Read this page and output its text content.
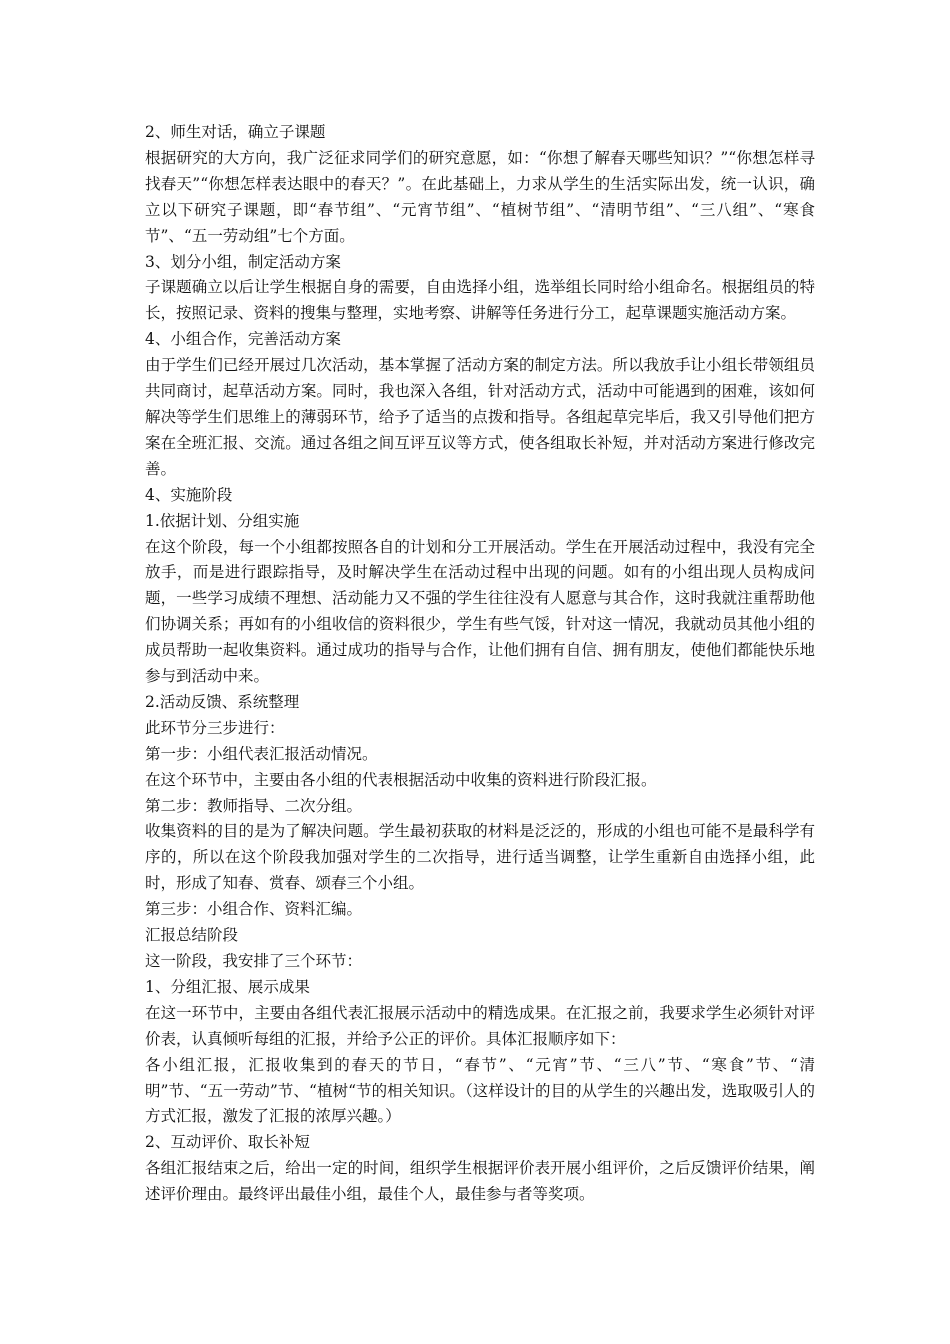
2、师生对话，确立子课题

根据研究的大方向，我广泛征求同学们的研究意愿，如：“你想了解春天哪些知识？”“你想怎样寻找春天”“你想怎样表达眼中的春天？”。在此基础上，力求从学生的生活实际出发，统一认识，确立以下研究子课题，即“春节组”、“元宵节组”、“植树节组”、“清明节组”、“三八组”、“寒食节”、“五一劳动组”七个方面。

3、划分小组，制定活动方案

子课题确立以后让学生根据自身的需要，自由选择小组，选举组长同时给小组命名。根据组员的特长，按照记录、资料的搜集与整理，实地考察、讲解等任务进行分工，起草课题实施活动方案。

4、小组合作，完善活动方案

由于学生们已经开展过几次活动，基本掌握了活动方案的制定方法。所以我放手让小组长带领组员共同商讨，起草活动方案。同时，我也深入各组，针对活动方式，活动中可能遇到的困难，该如何解决等学生们思维上的薄弱环节，给予了适当的点拨和指导。各组起草完毕后，我又引导他们把方案在全班汇报、交流。通过各组之间互评互议等方式，使各组取长补短，并对活动方案进行修改完善。

4、实施阶段

1.依据计划、分组实施

在这个阶段，每一个小组都按照各自的计划和分工开展活动。学生在开展活动过程中，我没有完全放手，而是进行跟踪指导，及时解决学生在活动过程中出现的问题。如有的小组出现人员构成问题，一些学习成绩不理想、活动能力又不强的学生往往没有人愿意与其合作，这时我就注重帮助他们协调关系；再如有的小组收信的资料很少，学生有些气馁，针对这一情况，我就动员其他小组的成员帮助一起收集资料。通过成功的指导与合作，让他们拥有自信、拥有朋友，使他们都能快乐地参与到活动中来。

2.活动反馈、系统整理

此环节分三步进行：

第一步：小组代表汇报活动情况。

在这个环节中，主要由各小组的代表根据活动中收集的资料进行阶段汇报。

第二步：教师指导、二次分组。

收集资料的目的是为了解决问题。学生最初获取的材料是泛泛的，形成的小组也可能不是最科学有序的，所以在这个阶段我加强对学生的二次指导，进行适当调整，让学生重新自由选择小组，此时，形成了知春、赏春、颂春三个小组。

第三步：小组合作、资料汇编。

汇报总结阶段

这一阶段，我安排了三个环节：

1、分组汇报、展示成果

在这一环节中，主要由各组代表汇报展示活动中的精选成果。在汇报之前，我要求学生必须针对评价表，认真倾听每组的汇报，并给予公正的评价。具体汇报顺序如下：

各小组汇报，汇报收集到的春天的节日，“春节”、“元宵”节、“三八”节、“寒食”节、“清明”节、“五一劳动”节、“植树“节的相关知识。（这样设计的目的从学生的兴趣出发，选取吸引人的方式汇报，激发了汇报的浓厚兴趣。）

2、互动评价、取长补短

各组汇报结束之后，给出一定的时间，组织学生根据评价表开展小组评价，之后反馈评价结果，阐述评价理由。最终评出最佳小组，最佳个人，最佳参与者等奖项。
